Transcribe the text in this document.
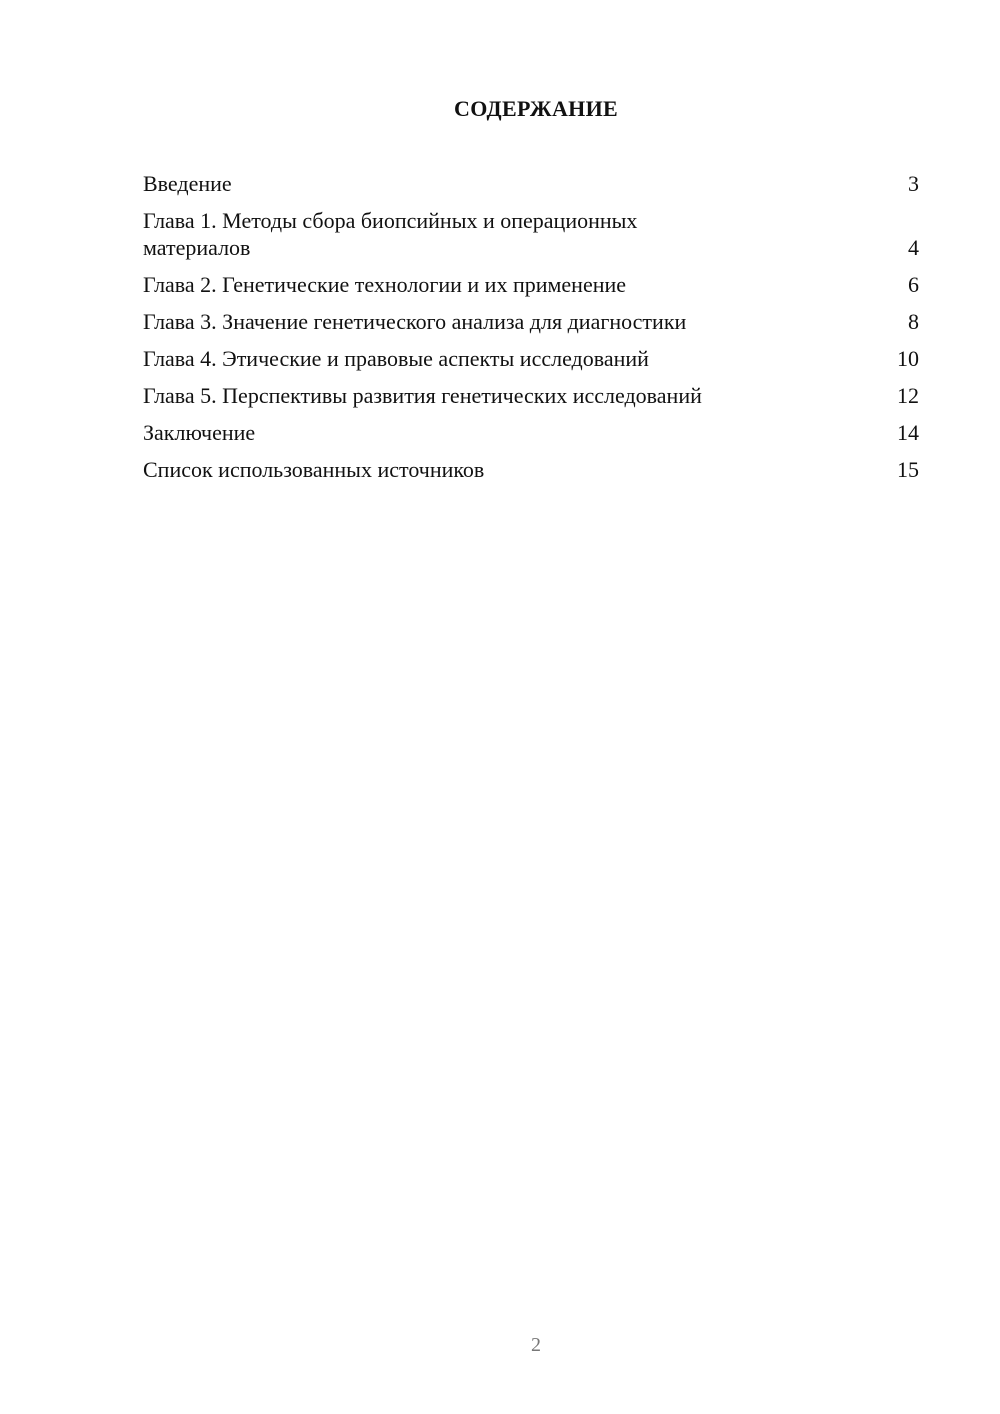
СОДЕРЖАНИЕ
Введение	3
Глава 1. Методы сбора биопсийных и операционных материалов	4
Глава 2. Генетические технологии и их применение	6
Глава 3. Значение генетического анализа для диагностики	8
Глава 4. Этические и правовые аспекты исследований	10
Глава 5. Перспективы развития генетических исследований	12
Заключение	14
Список использованных источников	15
2
